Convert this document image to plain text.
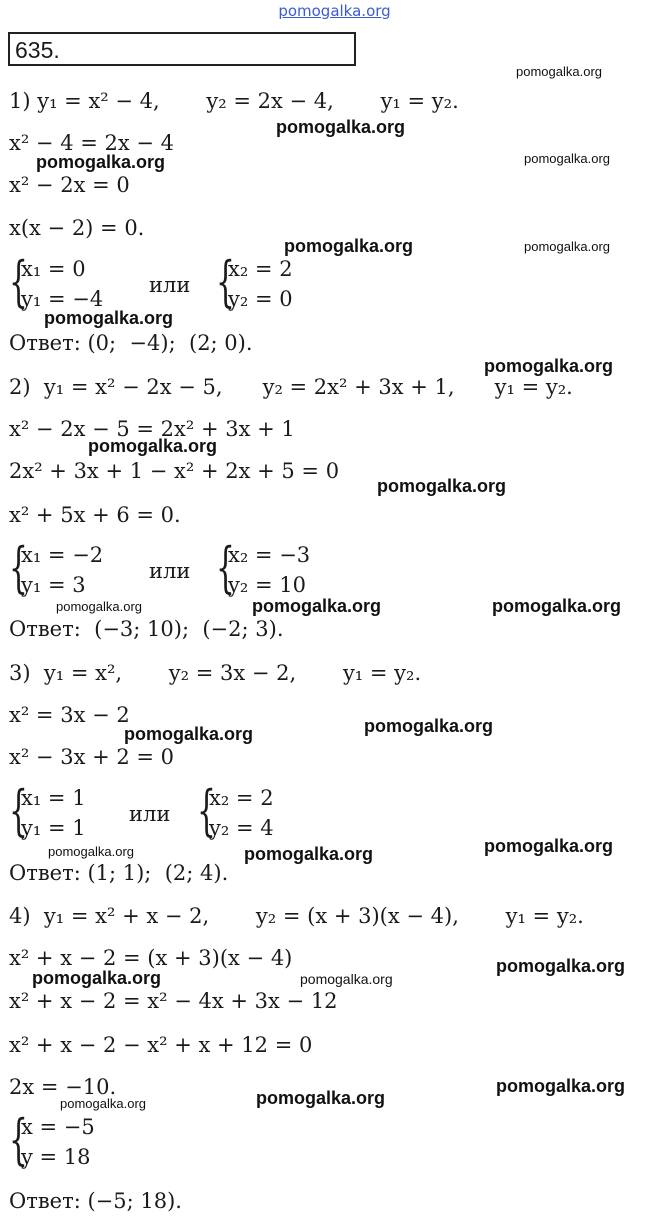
pomogalka.org
635.
1) y₁ = x² − 4,       y₂ = 2x − 4,       y₁ = y₂.
x² − 4 = 2x − 4
x² − 2x = 0
x(x − 2) = 0.
{
x₁ = 0
y₁ = −4
или {
x₂ = 2
y₂ = 0
Ответ: (0;  −4);  (2; 0).
2)  y₁ = x² − 2x − 5,      y₂ = 2x² + 3x + 1,      y₁ = y₂.
x² − 2x − 5 = 2x² + 3x + 1
2x² + 3x + 1 − x² + 2x + 5 = 0
x² + 5x + 6 = 0.
{
x₁ = −2
y₁ = 3
или {
x₂ = −3
y₂ = 10
Ответ:  (−3; 10);  (−2; 3).
3)  y₁ = x²,       y₂ = 3x − 2,       y₁ = y₂.
x² = 3x − 2
x² − 3x + 2 = 0
{
x₁ = 1
y₁ = 1
или {
x₂ = 2
y₂ = 4
Ответ: (1; 1);  (2; 4).
4)  y₁ = x² + x − 2,       y₂ = (x + 3)(x − 4),       y₁ = y₂.
x² + x − 2 = (x + 3)(x − 4)
x² + x − 2 = x² − 4x + 3x − 12
x² + x − 2 − x² + x + 12 = 0
2x = −10.
{
x = −5
y = 18
Ответ: (−5; 18).
pomogalka.org
pomogalka.org
pomogalka.org	pomogalka.org
pomogalka.org	pomogalka.org
pomogalka.org
pomogalka.org
pomogalka.org
pomogalka.org
pomogalka.org	pomogalka.org	pomogalka.org
pomogalka.org
pomogalka.org
pomogalka.org	pomogalka.org	pomogalka.org
pomogalka.org
pomogalka.org	pomogalka.org
pomogalka.org
pomogalka.org	pomogalka.org
